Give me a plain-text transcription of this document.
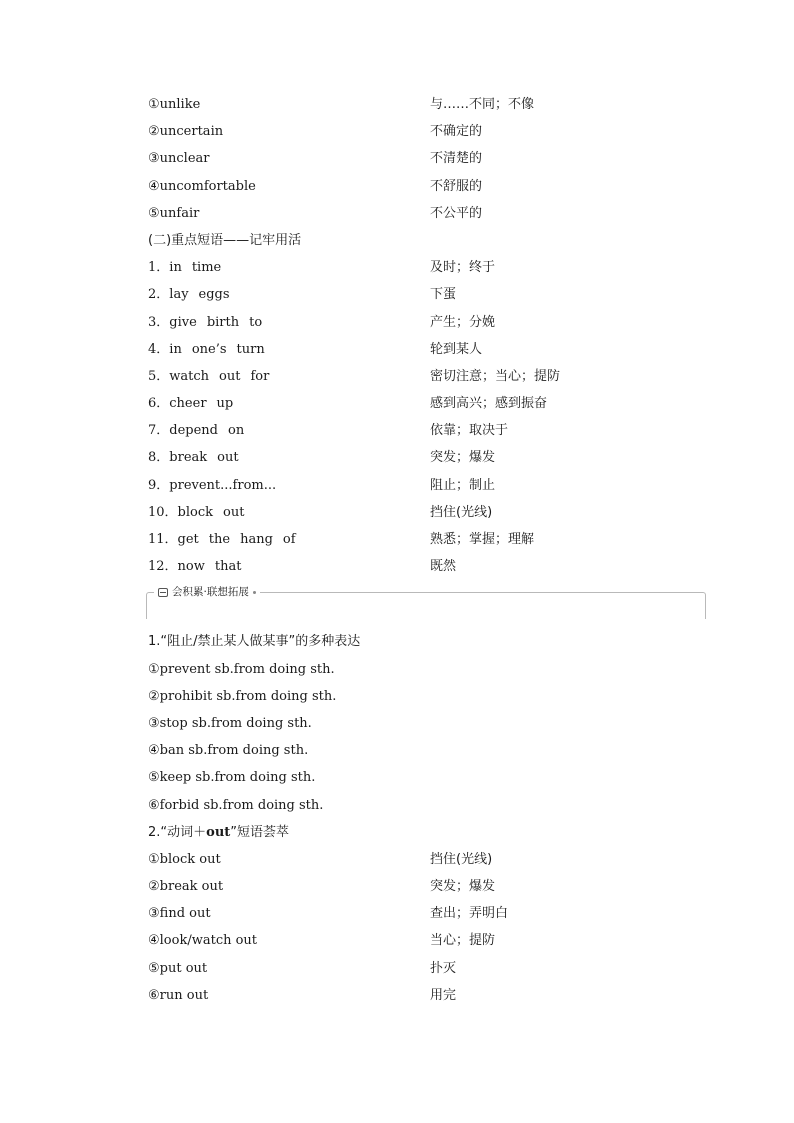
①unlike	与……不同；不像
②uncertain	不确定的
③unclear	不清楚的
④uncomfortable	不舒服的
⑤unfair	不公平的
(二)重点短语——记牢用活
1．in time	及时；终于
2．lay eggs	下蛋
3．give birth to	产生；分娩
4．in one’s turn	轮到某人
5．watch out for	密切注意；当心；提防
6．cheer up	感到高兴；感到振奋
7．depend on	依靠；取决于
8．break out	突发；爆发
9．prevent...from...	阻止；制止
10．block out	挡住(光线)
11．get the hang of	熟悉；掌握；理解
12．now that	既然
会积累·联想拓展
1.“阻止/禁止某人做某事”的多种表达
①prevent sb.from doing sth.
②prohibit sb.from doing sth.
③stop sb.from doing sth.
④ban sb.from doing sth.
⑤keep sb.from doing sth.
⑥forbid sb.from doing sth.
2.“动词＋out”短语荟萃
①block out	挡住(光线)
②break out	突发；爆发
③find out	查出；弄明白
④look/watch out	当心；提防
⑤put out	扑灭
⑥run out	用完
